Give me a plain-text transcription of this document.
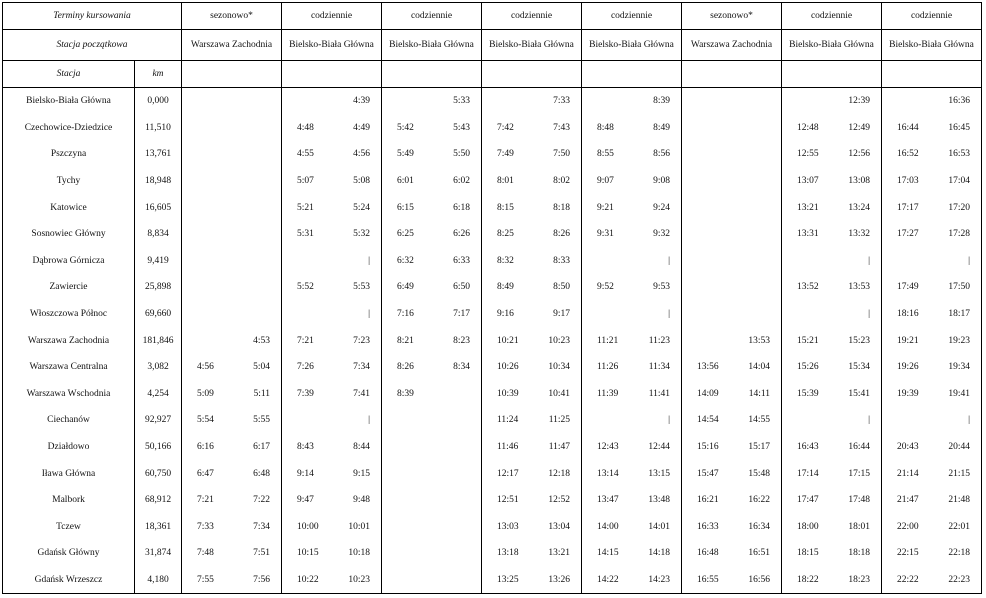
Terminy kursowania		sezonowo*		codziennie		codziennie		codziennie		codziennie		sezonowo*		codziennie		codziennie	
Stacja początkowa		Warszawa Zachodnia		Bielsko-Biała Główna		Bielsko-Biała Główna		Bielsko-Biała Główna		Bielsko-Biała Główna		Warszawa Zachodnia		Bielsko-Biała Główna		Bielsko-Biała Główna	
Stacja	km																
Bielsko-Biała Główna	0,000				4:39		5:33		7:33		8:39				12:39		16:36
Czechowice-Dziedzice	11,510			4:48	4:49	5:42	5:43	7:42	7:43	8:48	8:49			12:48	12:49	16:44	16:45
Pszczyna	13,761			4:55	4:56	5:49	5:50	7:49	7:50	8:55	8:56			12:55	12:56	16:52	16:53
Tychy	18,948			5:07	5:08	6:01	6:02	8:01	8:02	9:07	9:08			13:07	13:08	17:03	17:04
Katowice	16,605			5:21	5:24	6:15	6:18	8:15	8:18	9:21	9:24			13:21	13:24	17:17	17:20
Sosnowiec Główny	8,834			5:31	5:32	6:25	6:26	8:25	8:26	9:31	9:32			13:31	13:32	17:27	17:28
Dąbrowa Górnicza	9,419				|	6:32	6:33	8:32	8:33		|				|		|
Zawiercie	25,898			5:52	5:53	6:49	6:50	8:49	8:50	9:52	9:53			13:52	13:53	17:49	17:50
Włoszczowa Północ	69,660				|	7:16	7:17	9:16	9:17		|				|	18:16	18:17
Warszawa Zachodnia	181,846		4:53	7:21	7:23	8:21	8:23	10:21	10:23	11:21	11:23		13:53	15:21	15:23	19:21	19:23
Warszawa Centralna	3,082	4:56	5:04	7:26	7:34	8:26	8:34	10:26	10:34	11:26	11:34	13:56	14:04	15:26	15:34	19:26	19:34
Warszawa Wschodnia	4,254	5:09	5:11	7:39	7:41	8:39		10:39	10:41	11:39	11:41	14:09	14:11	15:39	15:41	19:39	19:41
Ciechanów	92,927	5:54	5:55		|			11:24	11:25		|	14:54	14:55		|		|
Działdowo	50,166	6:16	6:17	8:43	8:44			11:46	11:47	12:43	12:44	15:16	15:17	16:43	16:44	20:43	20:44
Iława Główna	60,750	6:47	6:48	9:14	9:15			12:17	12:18	13:14	13:15	15:47	15:48	17:14	17:15	21:14	21:15
Malbork	68,912	7:21	7:22	9:47	9:48			12:51	12:52	13:47	13:48	16:21	16:22	17:47	17:48	21:47	21:48
Tczew	18,361	7:33	7:34	10:00	10:01			13:03	13:04	14:00	14:01	16:33	16:34	18:00	18:01	22:00	22:01
Gdańsk Główny	31,874	7:48	7:51	10:15	10:18			13:18	13:21	14:15	14:18	16:48	16:51	18:15	18:18	22:15	22:18
Gdańsk Wrzeszcz	4,180	7:55	7:56	10:22	10:23			13:25	13:26	14:22	14:23	16:55	16:56	18:22	18:23	22:22	22:23
